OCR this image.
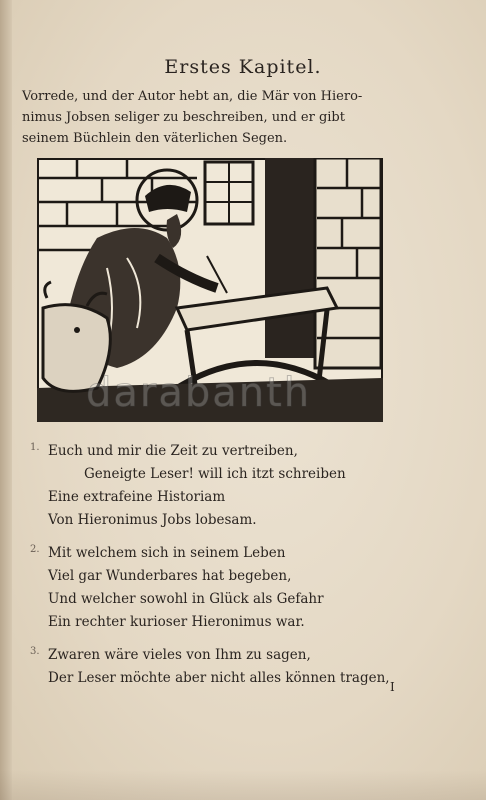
Erstes Kapitel.
Vorrede, und der Autor hebt an, die Mär von Hiero-
nimus Jobsen seliger zu beschreiben, und er gibt
seinem Büchlein den väterlichen Segen.
darabanth
1. Euch und mir die Zeit zu vertreiben,
Geneigte Leser! will ich itzt schreiben
Eine extrafeine Historiam
Von Hieronimus Jobs lobesam.
2. Mit welchem sich in seinem Leben
Viel gar Wunderbares hat begeben,
Und welcher sowohl in Glück als Gefahr
Ein rechter kurioser Hieronimus war.
3. Zwaren wäre vieles von Ihm zu sagen,
Der Leser möchte aber nicht alles können tragen,
I
